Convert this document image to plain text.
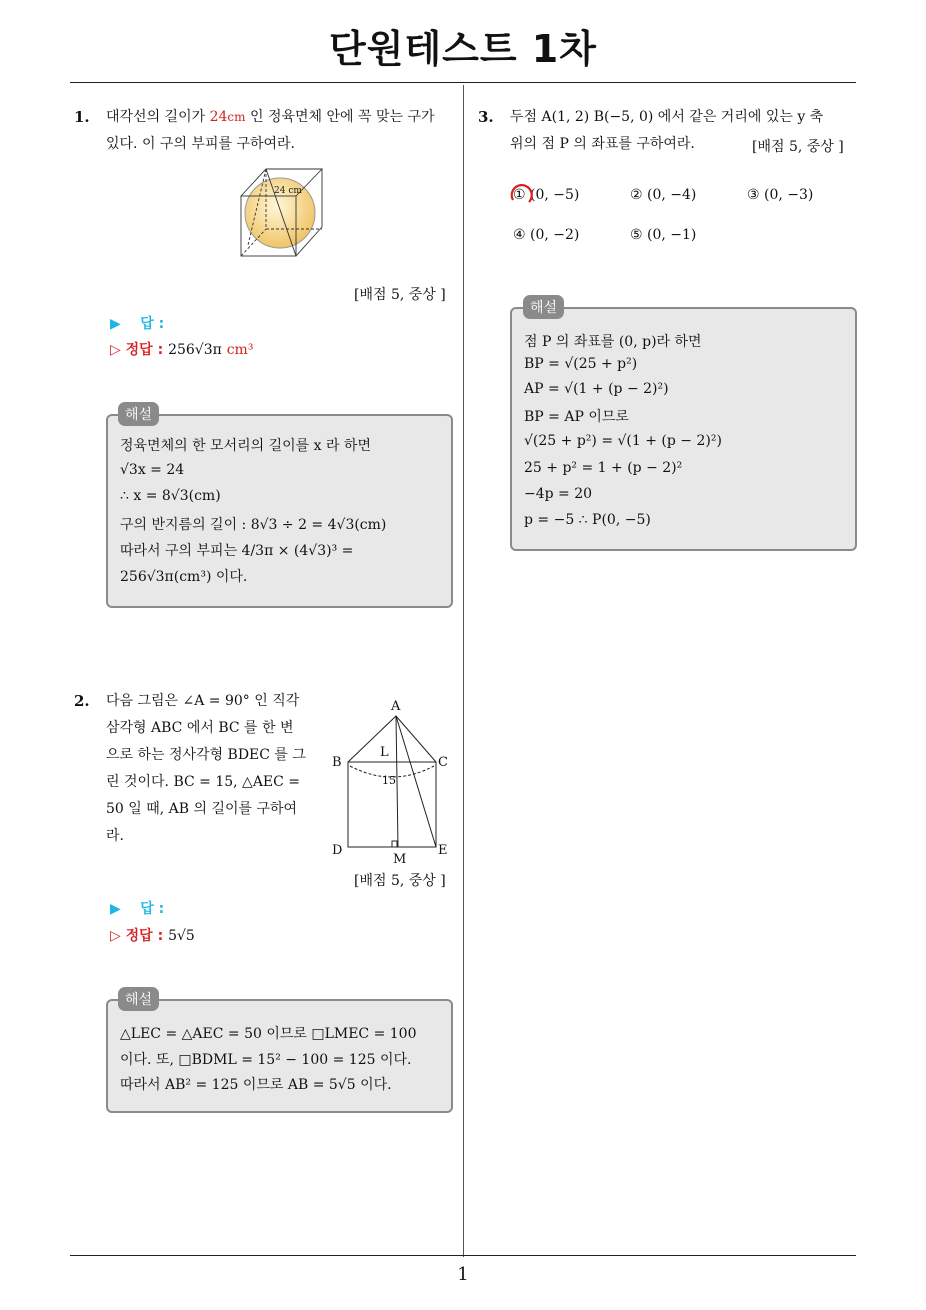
단원테스트 1차
1
1. 대각선의 길이가 24cm 인 정육면체 안에 꼭 맞는 구가
있다. 이 구의 부피를 구하여라.
24 cm
[배점 5, 중상 ]
▶ 답 :
▷ 정답 : 256√3π cm³
정육면체의 한 모서리의 길이를 x 라 하면
√3x = 24
∴ x = 8√3(cm)
구의 반지름의 길이 : 8√3 ÷ 2 = 4√3(cm)
따라서 구의 부피는 4/3π × (4√3)³ =
256√3π(cm³) 이다.
해설
2. 다음 그림은 ∠A = 90° 인 직각
삼각형 ABC 에서 BC 를 한 변
으로 하는 정사각형 BDEC 를 그
린 것이다. BC = 15, △AEC =
50 일 때, AB 의 길이를 구하여
라.
A
B	C
D	E
L
M
15
[배점 5, 중상 ]
▶ 답 :
▷ 정답 : 5√5
△LEC = △AEC = 50 이므로 □LMEC = 100
이다. 또, □BDML = 15² − 100 = 125 이다.
따라서 AB² = 125 이므로 AB = 5√5 이다.
해설
3. 두점 A(1, 2) B(−5, 0) 에서 같은 거리에 있는 y 축
위의 점 P 의 좌표를 구하여라.	[배점 5, 중상 ]
① (0, −5)	② (0, −4)	③ (0, −3)
④ (0, −2)	⑤ (0, −1)
점 P 의 좌표를 (0, p)라 하면
BP = √(25 + p²)
AP = √(1 + (p − 2)²)
BP = AP 이므로
√(25 + p²) = √(1 + (p − 2)²)
25 + p² = 1 + (p − 2)²
−4p = 20
p = −5 ∴ P(0, −5)
해설
